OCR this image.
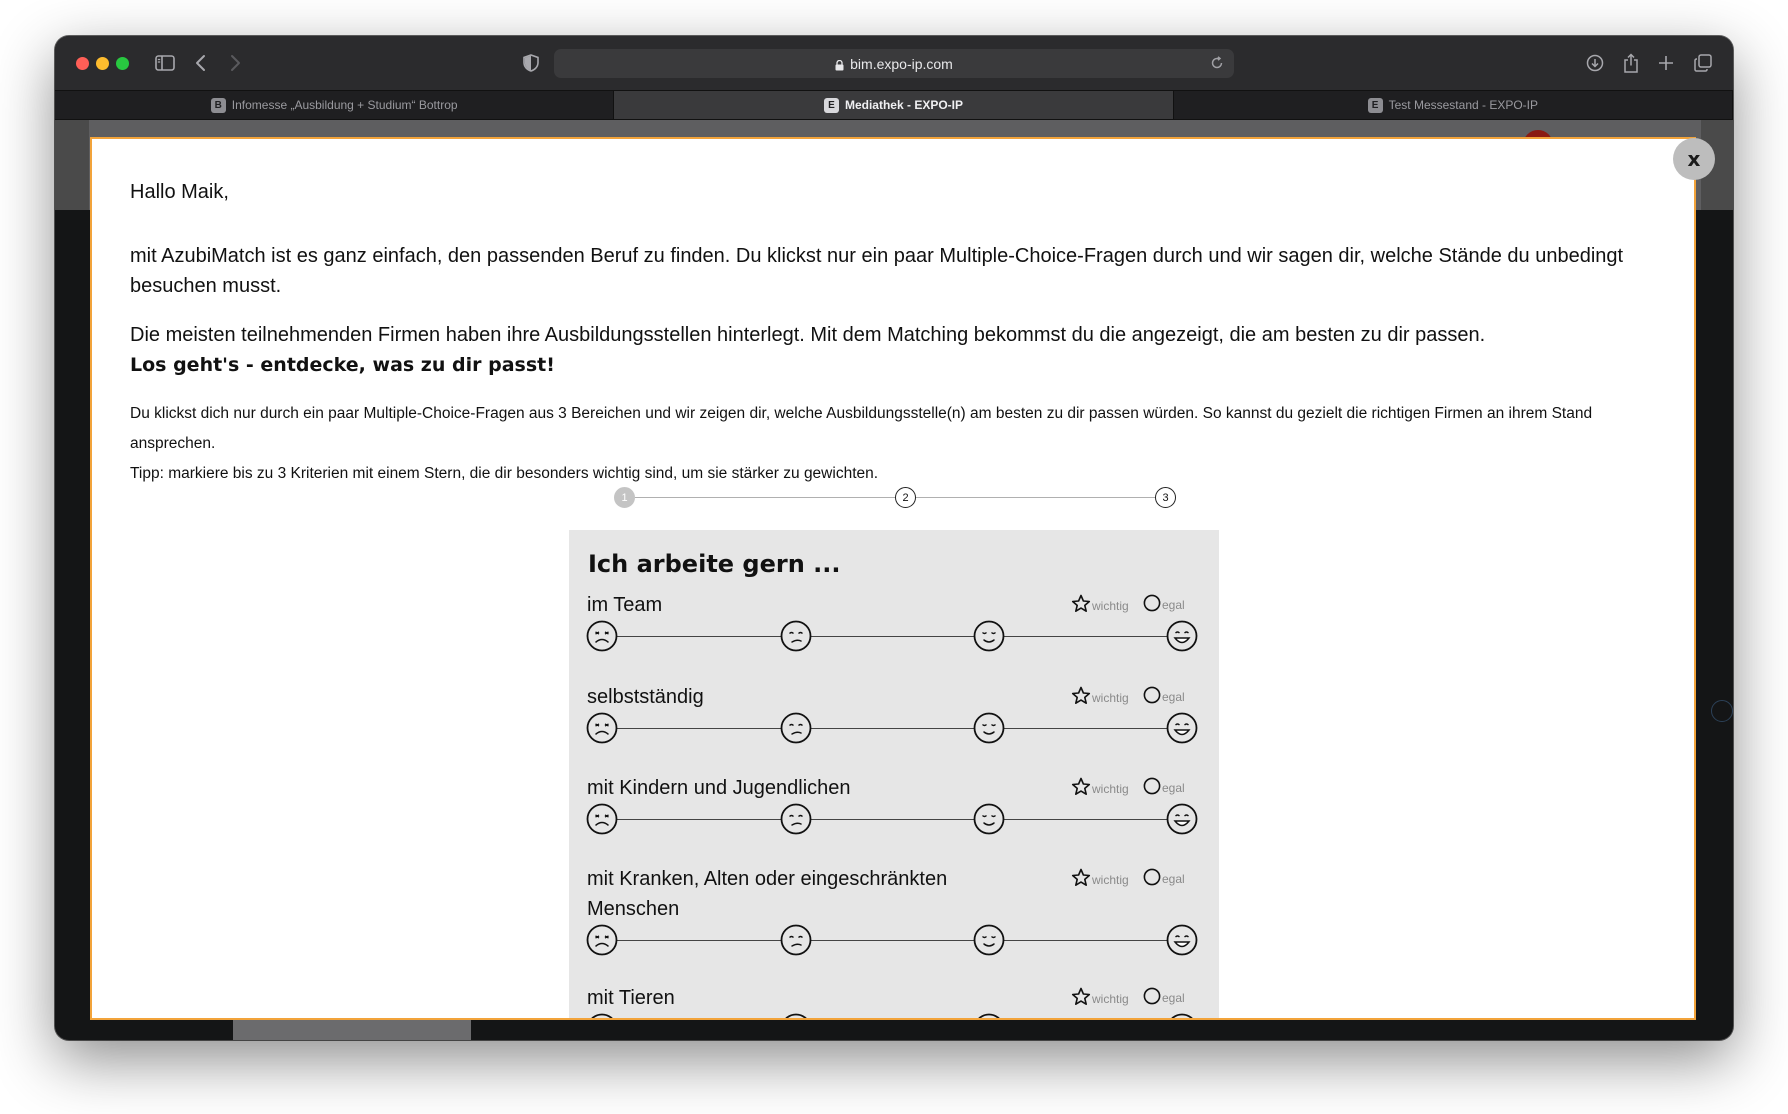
bim.expo-ip.com
B Infomesse „Ausbildung + Studium“ Bottrop	E Mediathek - EXPO-IP	E Test Messestand - EXPO-IP
Hallo Maik,
mit AzubiMatch ist es ganz einfach, den passenden Beruf zu finden. Du klickst nur ein paar Multiple-Choice-Fragen durch und wir sagen dir, welche Stände du unbedingt besuchen musst.
Die meisten teilnehmenden Firmen haben ihre Ausbildungsstellen hinterlegt. Mit dem Matching bekommst du die angezeigt, die am besten zu dir passen.
Los geht's - entdecke, was zu dir passt!
Du klickst dich nur durch ein paar Multiple-Choice-Fragen aus 3 Bereichen und wir zeigen dir, welche Ausbildungsstelle(n) am besten zu dir passen würden. So kannst du gezielt die richtigen Firmen an ihrem Stand ansprechen.
Tipp: markiere bis zu 3 Kriterien mit einem Stern, die dir besonders wichtig sind, um sie stärker zu gewichten.
1	2	3
Ich arbeite gern ...
im Team	wichtig	egal
selbstständig	wichtig	egal
mit Kindern und Jugendlichen	wichtig	egal
mit Kranken, Alten oder eingeschränkten Menschen
wichtig	egal
mit Tieren	wichtig	egal
x
